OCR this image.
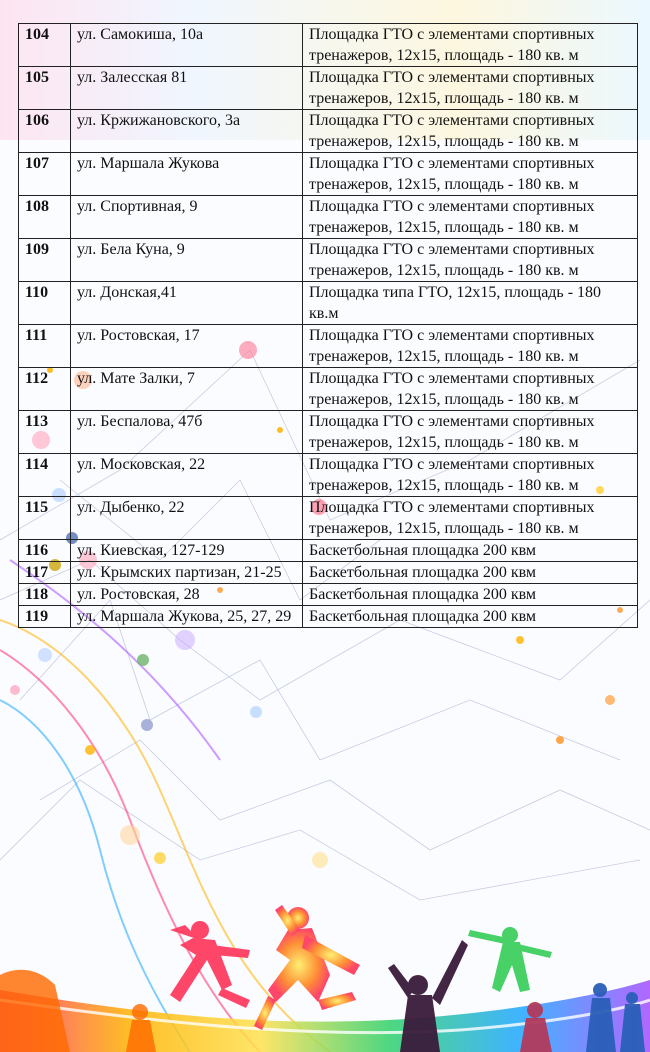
104	ул. Самокиша, 10а	Площадка ГТО с элементами спортивных тренажеров, 12х15, площадь - 180 кв. м
105	ул. Залесская 81	Площадка ГТО с элементами спортивных тренажеров, 12х15, площадь - 180 кв. м
106	ул. Кржижановского, 3а	Площадка ГТО с элементами спортивных тренажеров, 12х15, площадь - 180 кв. м
107	ул. Маршала Жукова	Площадка ГТО с элементами спортивных тренажеров, 12х15, площадь - 180 кв. м
108	ул. Спортивная, 9	Площадка ГТО с элементами спортивных тренажеров, 12х15, площадь - 180 кв. м
109	ул. Бела Куна, 9	Площадка ГТО с элементами спортивных тренажеров, 12х15, площадь - 180 кв. м
110	ул. Донская,41	Площадка типа ГТО, 12х15, площадь - 180 кв.м
111	ул. Ростовская, 17	Площадка ГТО с элементами спортивных тренажеров, 12х15, площадь - 180 кв. м
112	ул. Мате Залки, 7	Площадка ГТО с элементами спортивных тренажеров, 12х15, площадь - 180 кв. м
113	ул. Беспалова, 47б	Площадка ГТО с элементами спортивных тренажеров, 12х15, площадь - 180 кв. м
114	ул. Московская, 22	Площадка ГТО с элементами спортивных тренажеров, 12х15, площадь - 180 кв. м
115	ул. Дыбенко, 22	Площадка ГТО с элементами спортивных тренажеров, 12х15, площадь - 180 кв. м
116	ул. Киевская, 127-129	Баскетбольная площадка 200 квм
117	ул. Крымских партизан, 21-25	Баскетбольная площадка 200 квм
118	ул. Ростовская, 28	Баскетбольная площадка 200 квм
119	ул. Маршала Жукова, 25, 27, 29	Баскетбольная площадка 200 квм
